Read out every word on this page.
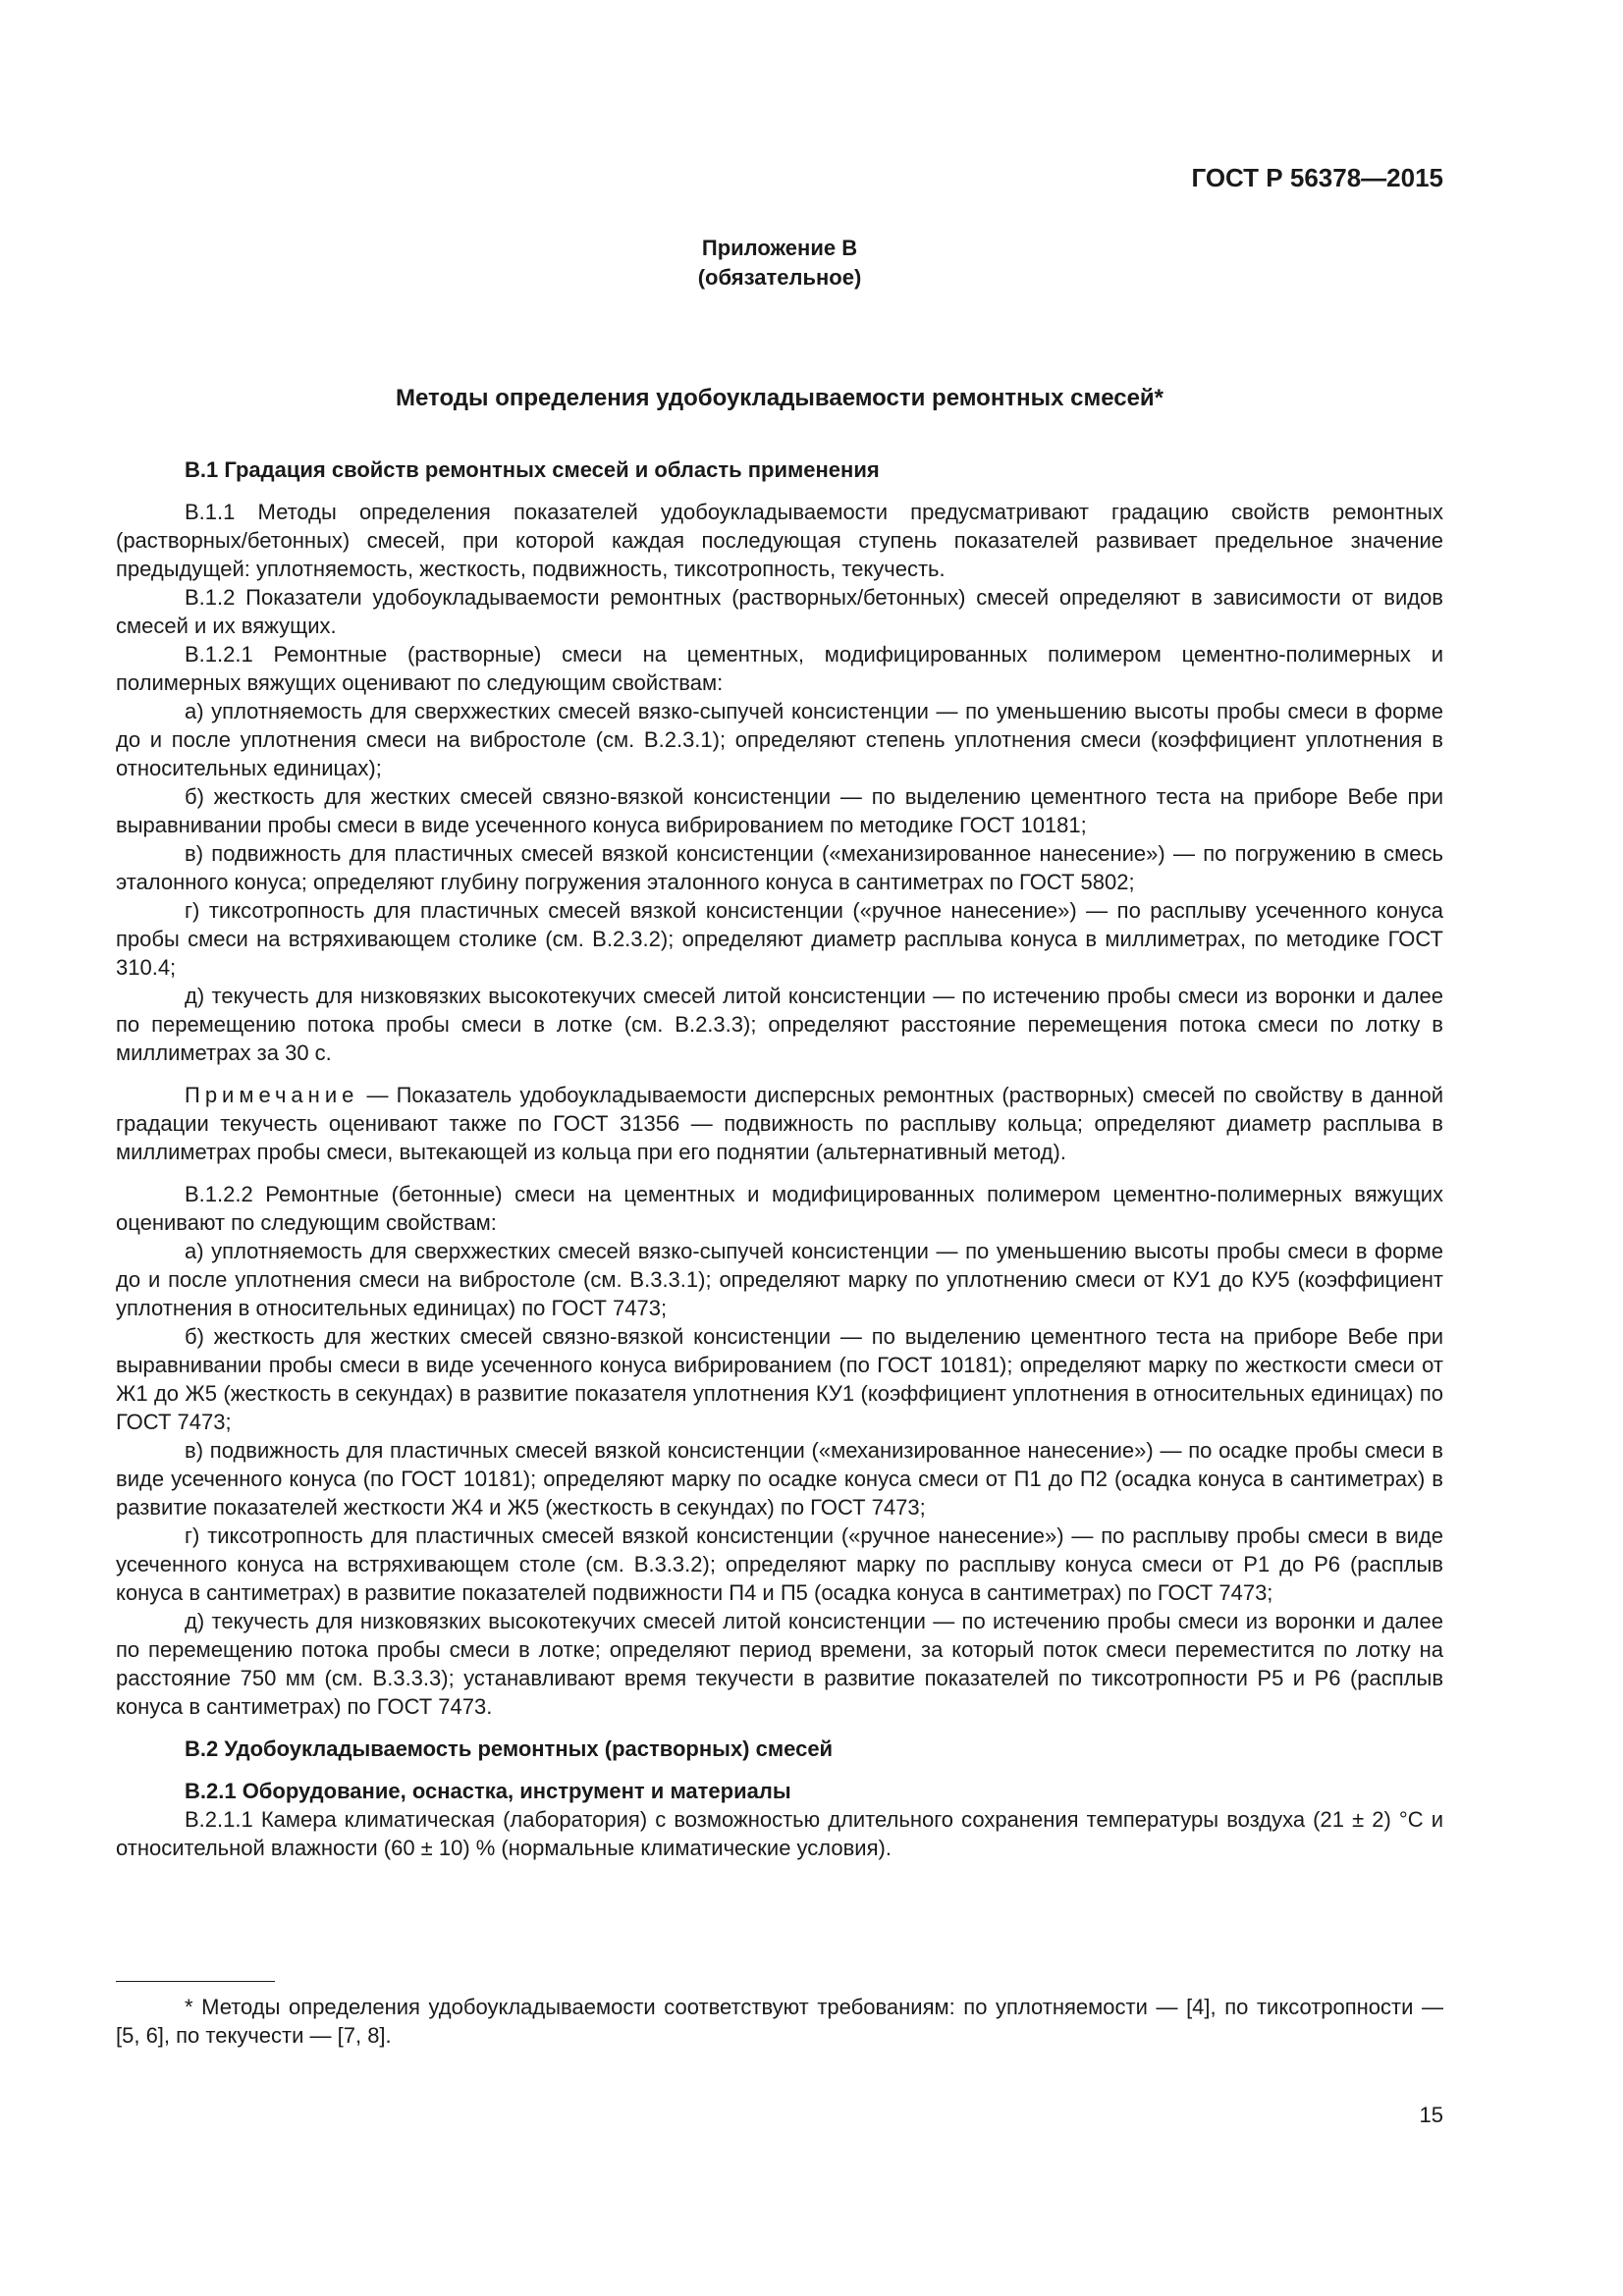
ГОСТ Р 56378—2015
Приложение В
(обязательное)
Методы определения удобоукладываемости ремонтных смесей*

В.1 Градация свойств ремонтных смесей и область применения

В.1.1 Методы определения показателей удобоукладываемости предусматривают градацию свойств ремонтных (растворных/бетонных) смесей, при которой каждая последующая ступень показателей развивает предельное значение предыдущей: уплотняемость, жесткость, подвижность, тиксотропность, текучесть.

В.1.2 Показатели удобоукладываемости ремонтных (растворных/бетонных) смесей определяют в зависимости от видов смесей и их вяжущих.

В.1.2.1 Ремонтные (растворные) смеси на цементных, модифицированных полимером цементно-полимерных и полимерных вяжущих оценивают по следующим свойствам:

а) уплотняемость для сверхжестких смесей вязко-сыпучей консистенции — по уменьшению высоты пробы смеси в форме до и после уплотнения смеси на вибростоле (см. В.2.3.1); определяют степень уплотнения смеси (коэффициент уплотнения в относительных единицах);

б) жесткость для жестких смесей связно-вязкой консистенции — по выделению цементного теста на приборе Вебе при выравнивании пробы смеси в виде усеченного конуса вибрированием по методике ГОСТ 10181;

в) подвижность для пластичных смесей вязкой консистенции («механизированное нанесение») — по погружению в смесь эталонного конуса; определяют глубину погружения эталонного конуса в сантиметрах по ГОСТ 5802;

г) тиксотропность для пластичных смесей вязкой консистенции («ручное нанесение») — по расплыву усеченного конуса пробы смеси на встряхивающем столике (см. В.2.3.2); определяют диаметр расплыва конуса в миллиметрах, по методике ГОСТ 310.4;

д) текучесть для низковязких высокотекучих смесей литой консистенции — по истечению пробы смеси из воронки и далее по перемещению потока пробы смеси в лотке (см. В.2.3.3); определяют расстояние перемещения потока смеси по лотку в миллиметрах за 30 с.

Примечание — Показатель удобоукладываемости дисперсных ремонтных (растворных) смесей по свойству в данной градации текучесть оценивают также по ГОСТ 31356 — подвижность по расплыву кольца; определяют диаметр расплыва в миллиметрах пробы смеси, вытекающей из кольца при его поднятии (альтернативный метод).

В.1.2.2 Ремонтные (бетонные) смеси на цементных и модифицированных полимером цементно-полимерных вяжущих оценивают по следующим свойствам:

а) уплотняемость для сверхжестких смесей вязко-сыпучей консистенции — по уменьшению высоты пробы смеси в форме до и после уплотнения смеси на вибростоле (см. В.3.3.1); определяют марку по уплотнению смеси от КУ1 до КУ5 (коэффициент уплотнения в относительных единицах) по ГОСТ 7473;

б) жесткость для жестких смесей связно-вязкой консистенции — по выделению цементного теста на приборе Вебе при выравнивании пробы смеси в виде усеченного конуса вибрированием (по ГОСТ 10181); определяют марку по жесткости смеси от Ж1 до Ж5 (жесткость в секундах) в развитие показателя уплотнения КУ1 (коэффициент уплотнения в относительных единицах) по ГОСТ 7473;

в) подвижность для пластичных смесей вязкой консистенции («механизированное нанесение») — по осадке пробы смеси в виде усеченного конуса (по ГОСТ 10181); определяют марку по осадке конуса смеси от П1 до П2 (осадка конуса в сантиметрах) в развитие показателей жесткости Ж4 и Ж5 (жесткость в секундах) по ГОСТ 7473;

г) тиксотропность для пластичных смесей вязкой консистенции («ручное нанесение») — по расплыву пробы смеси в виде усеченного конуса на встряхивающем столе (см. В.3.3.2); определяют марку по расплыву конуса смеси от Р1 до Р6 (расплыв конуса в сантиметрах) в развитие показателей подвижности П4 и П5 (осадка конуса в сантиметрах) по ГОСТ 7473;

д) текучесть для низковязких высокотекучих смесей литой консистенции — по истечению пробы смеси из воронки и далее по перемещению потока пробы смеси в лотке; определяют период времени, за который поток смеси переместится по лотку на расстояние 750 мм (см. В.3.3.3); устанавливают время текучести в развитие показателей по тиксотропности Р5 и Р6 (расплыв конуса в сантиметрах) по ГОСТ 7473.

В.2 Удобоукладываемость ремонтных (растворных) смесей

В.2.1 Оборудование, оснастка, инструмент и материалы

В.2.1.1 Камера климатическая (лаборатория) с возможностью длительного сохранения температуры воздуха (21 ± 2) °С и относительной влажности (60 ± 10) % (нормальные климатические условия).

* Методы определения удобоукладываемости соответствуют требованиям: по уплотняемости — [4], по тиксотропности — [5, 6], по текучести — [7, 8].

15
